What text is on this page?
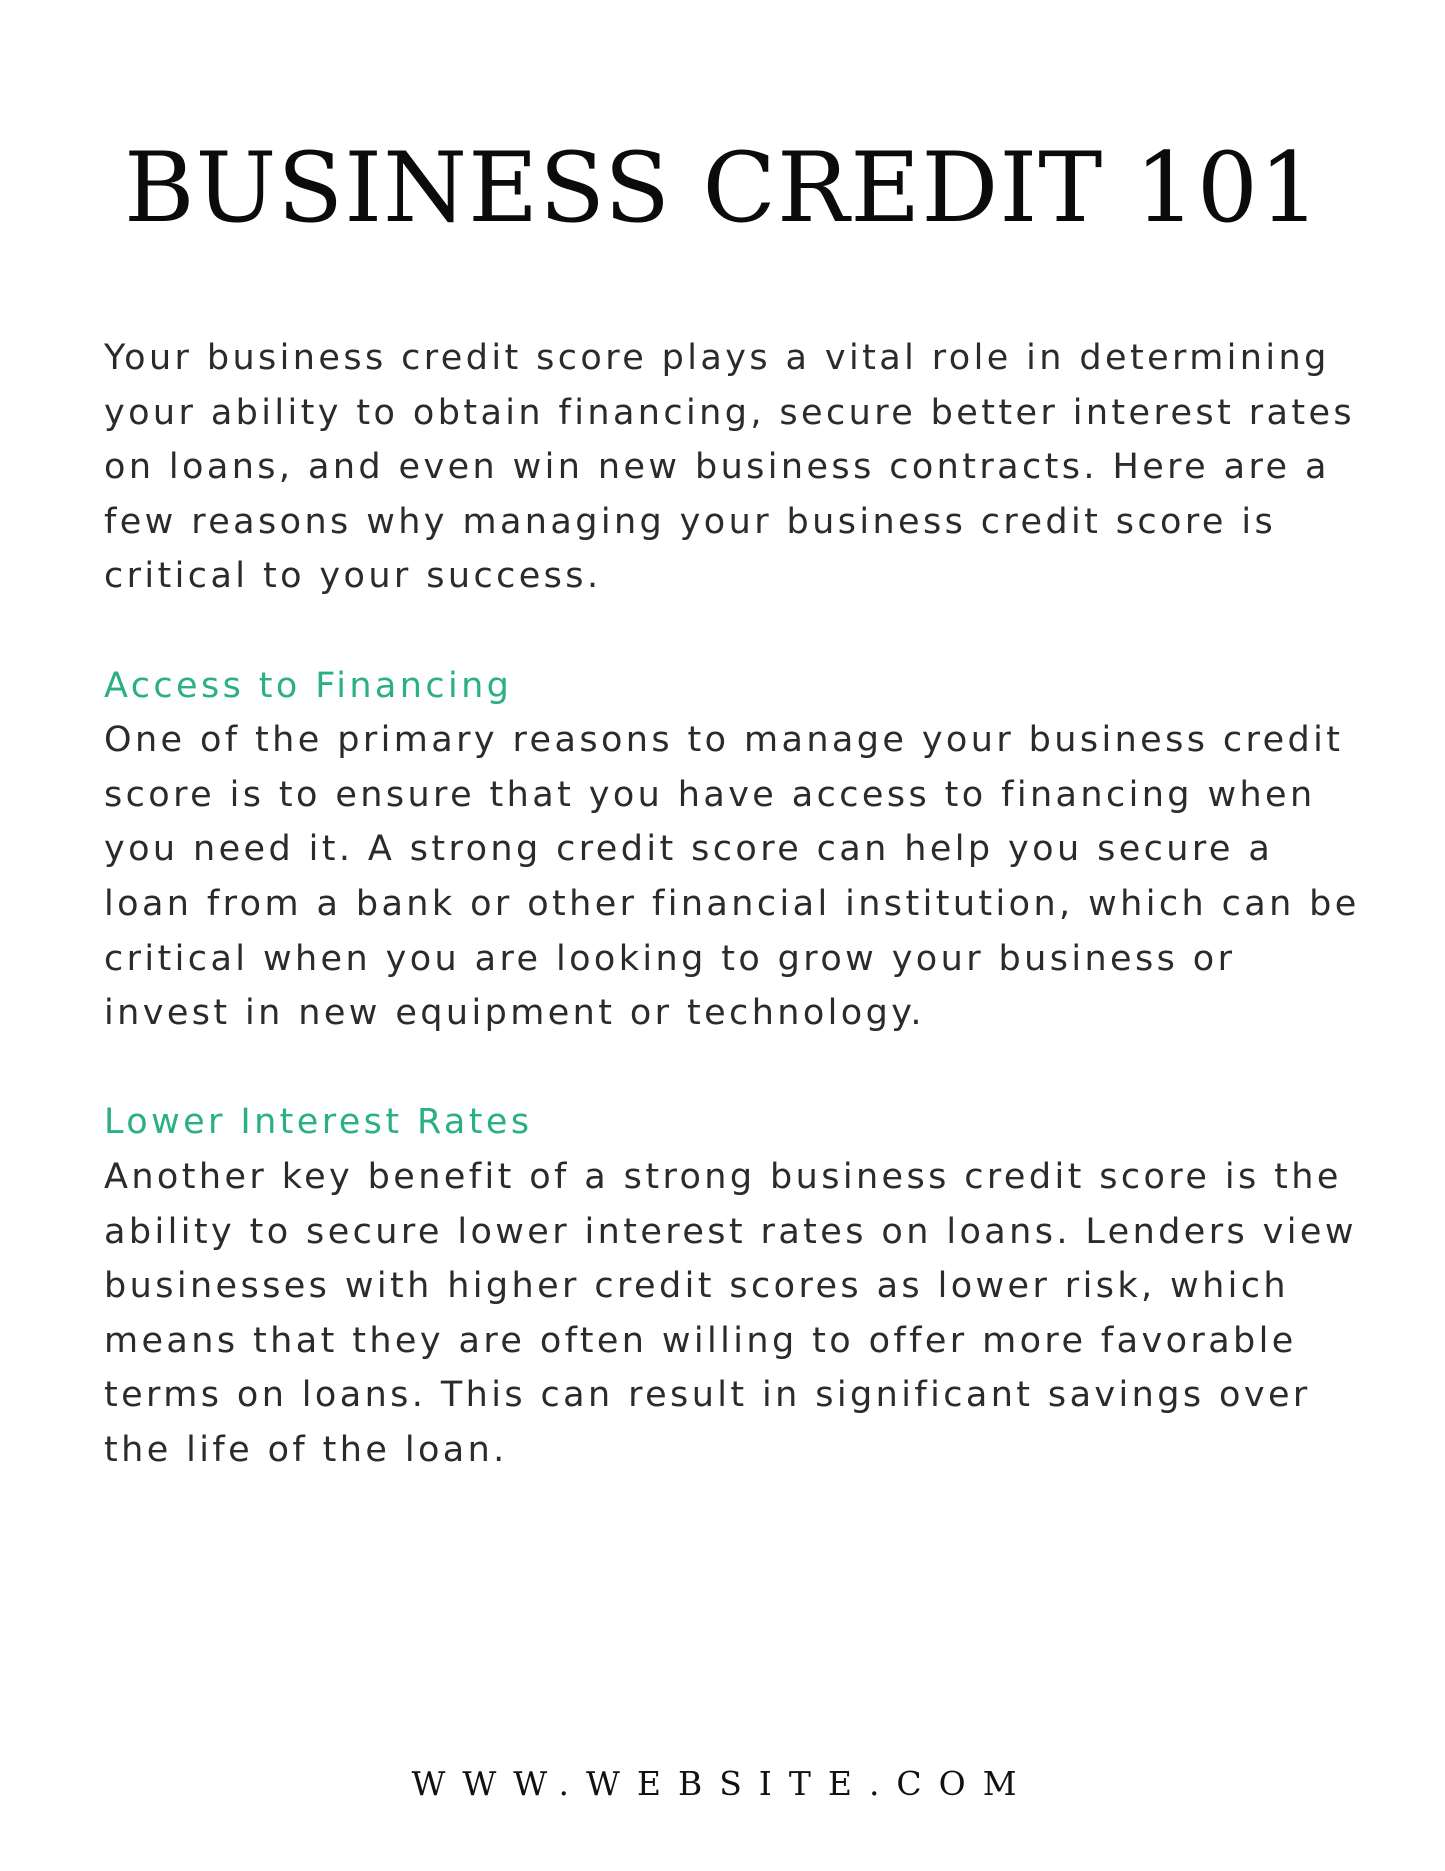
BUSINESS CREDIT 101

Your business credit score plays a vital role in determining your ability to obtain financing, secure better interest rates on loans, and even win new business contracts. Here are a few reasons why managing your business credit score is critical to your success.

Access to Financing

One of the primary reasons to manage your business credit score is to ensure that you have access to financing when you need it. A strong credit score can help you secure a loan from a bank or other financial institution, which can be critical when you are looking to grow your business or invest in new equipment or technology.

Lower Interest Rates

Another key benefit of a strong business credit score is the ability to secure lower interest rates on loans. Lenders view businesses with higher credit scores as lower risk, which means that they are often willing to offer more favorable terms on loans. This can result in significant savings over the life of the loan.

WWW.WEBSITE.COM
